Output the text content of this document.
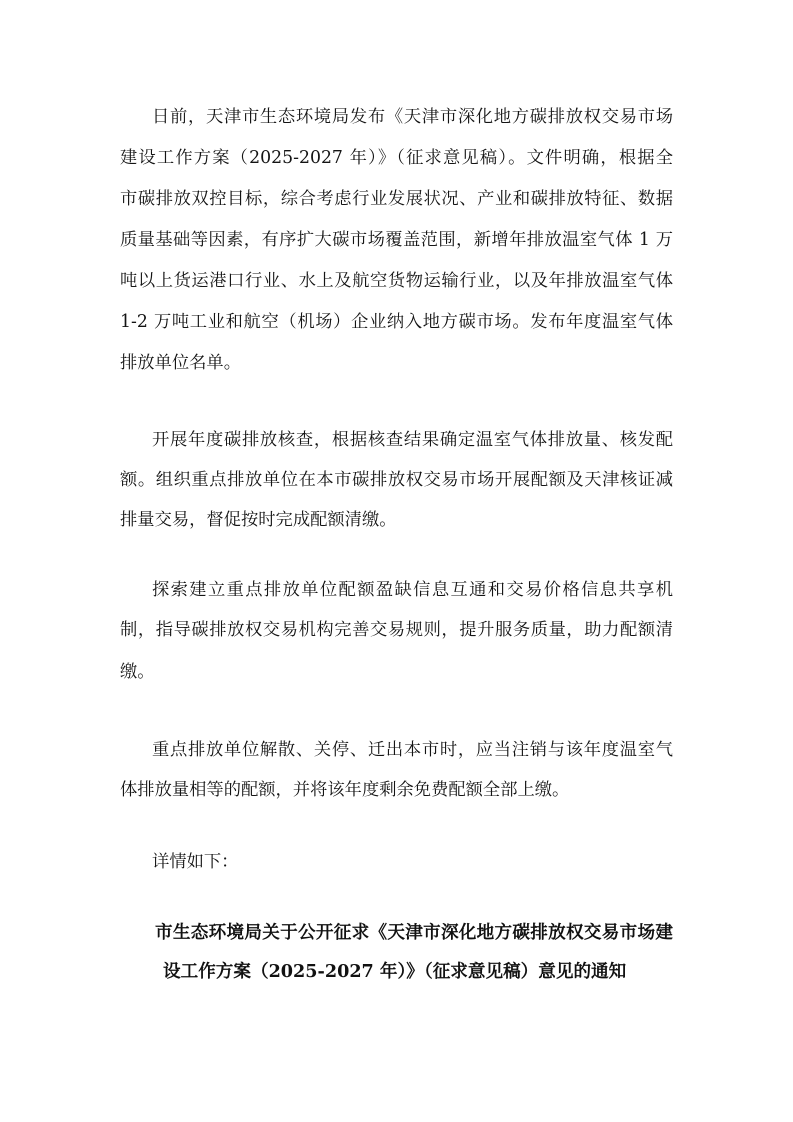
日前，天津市生态环境局发布《天津市深化地方碳排放权交易市场
建设工作方案（2025-2027 年）》（征求意见稿）。文件明确，根据全
市碳排放双控目标，综合考虑行业发展状况、产业和碳排放特征、数据
质量基础等因素，有序扩大碳市场覆盖范围，新增年排放温室气体 1 万
吨以上货运港口行业、水上及航空货物运输行业，以及年排放温室气体
1-2 万吨工业和航空（机场）企业纳入地方碳市场。发布年度温室气体
排放单位名单。
开展年度碳排放核查，根据核查结果确定温室气体排放量、核发配
额。组织重点排放单位在本市碳排放权交易市场开展配额及天津核证减
排量交易，督促按时完成配额清缴。
探索建立重点排放单位配额盈缺信息互通和交易价格信息共享机
制，指导碳排放权交易机构完善交易规则，提升服务质量，助力配额清
缴。
重点排放单位解散、关停、迁出本市时，应当注销与该年度温室气
体排放量相等的配额，并将该年度剩余免费配额全部上缴。
详情如下：
市生态环境局关于公开征求《天津市深化地方碳排放权交易市场建
设工作方案（2025-2027 年）》（征求意见稿）意见的通知
